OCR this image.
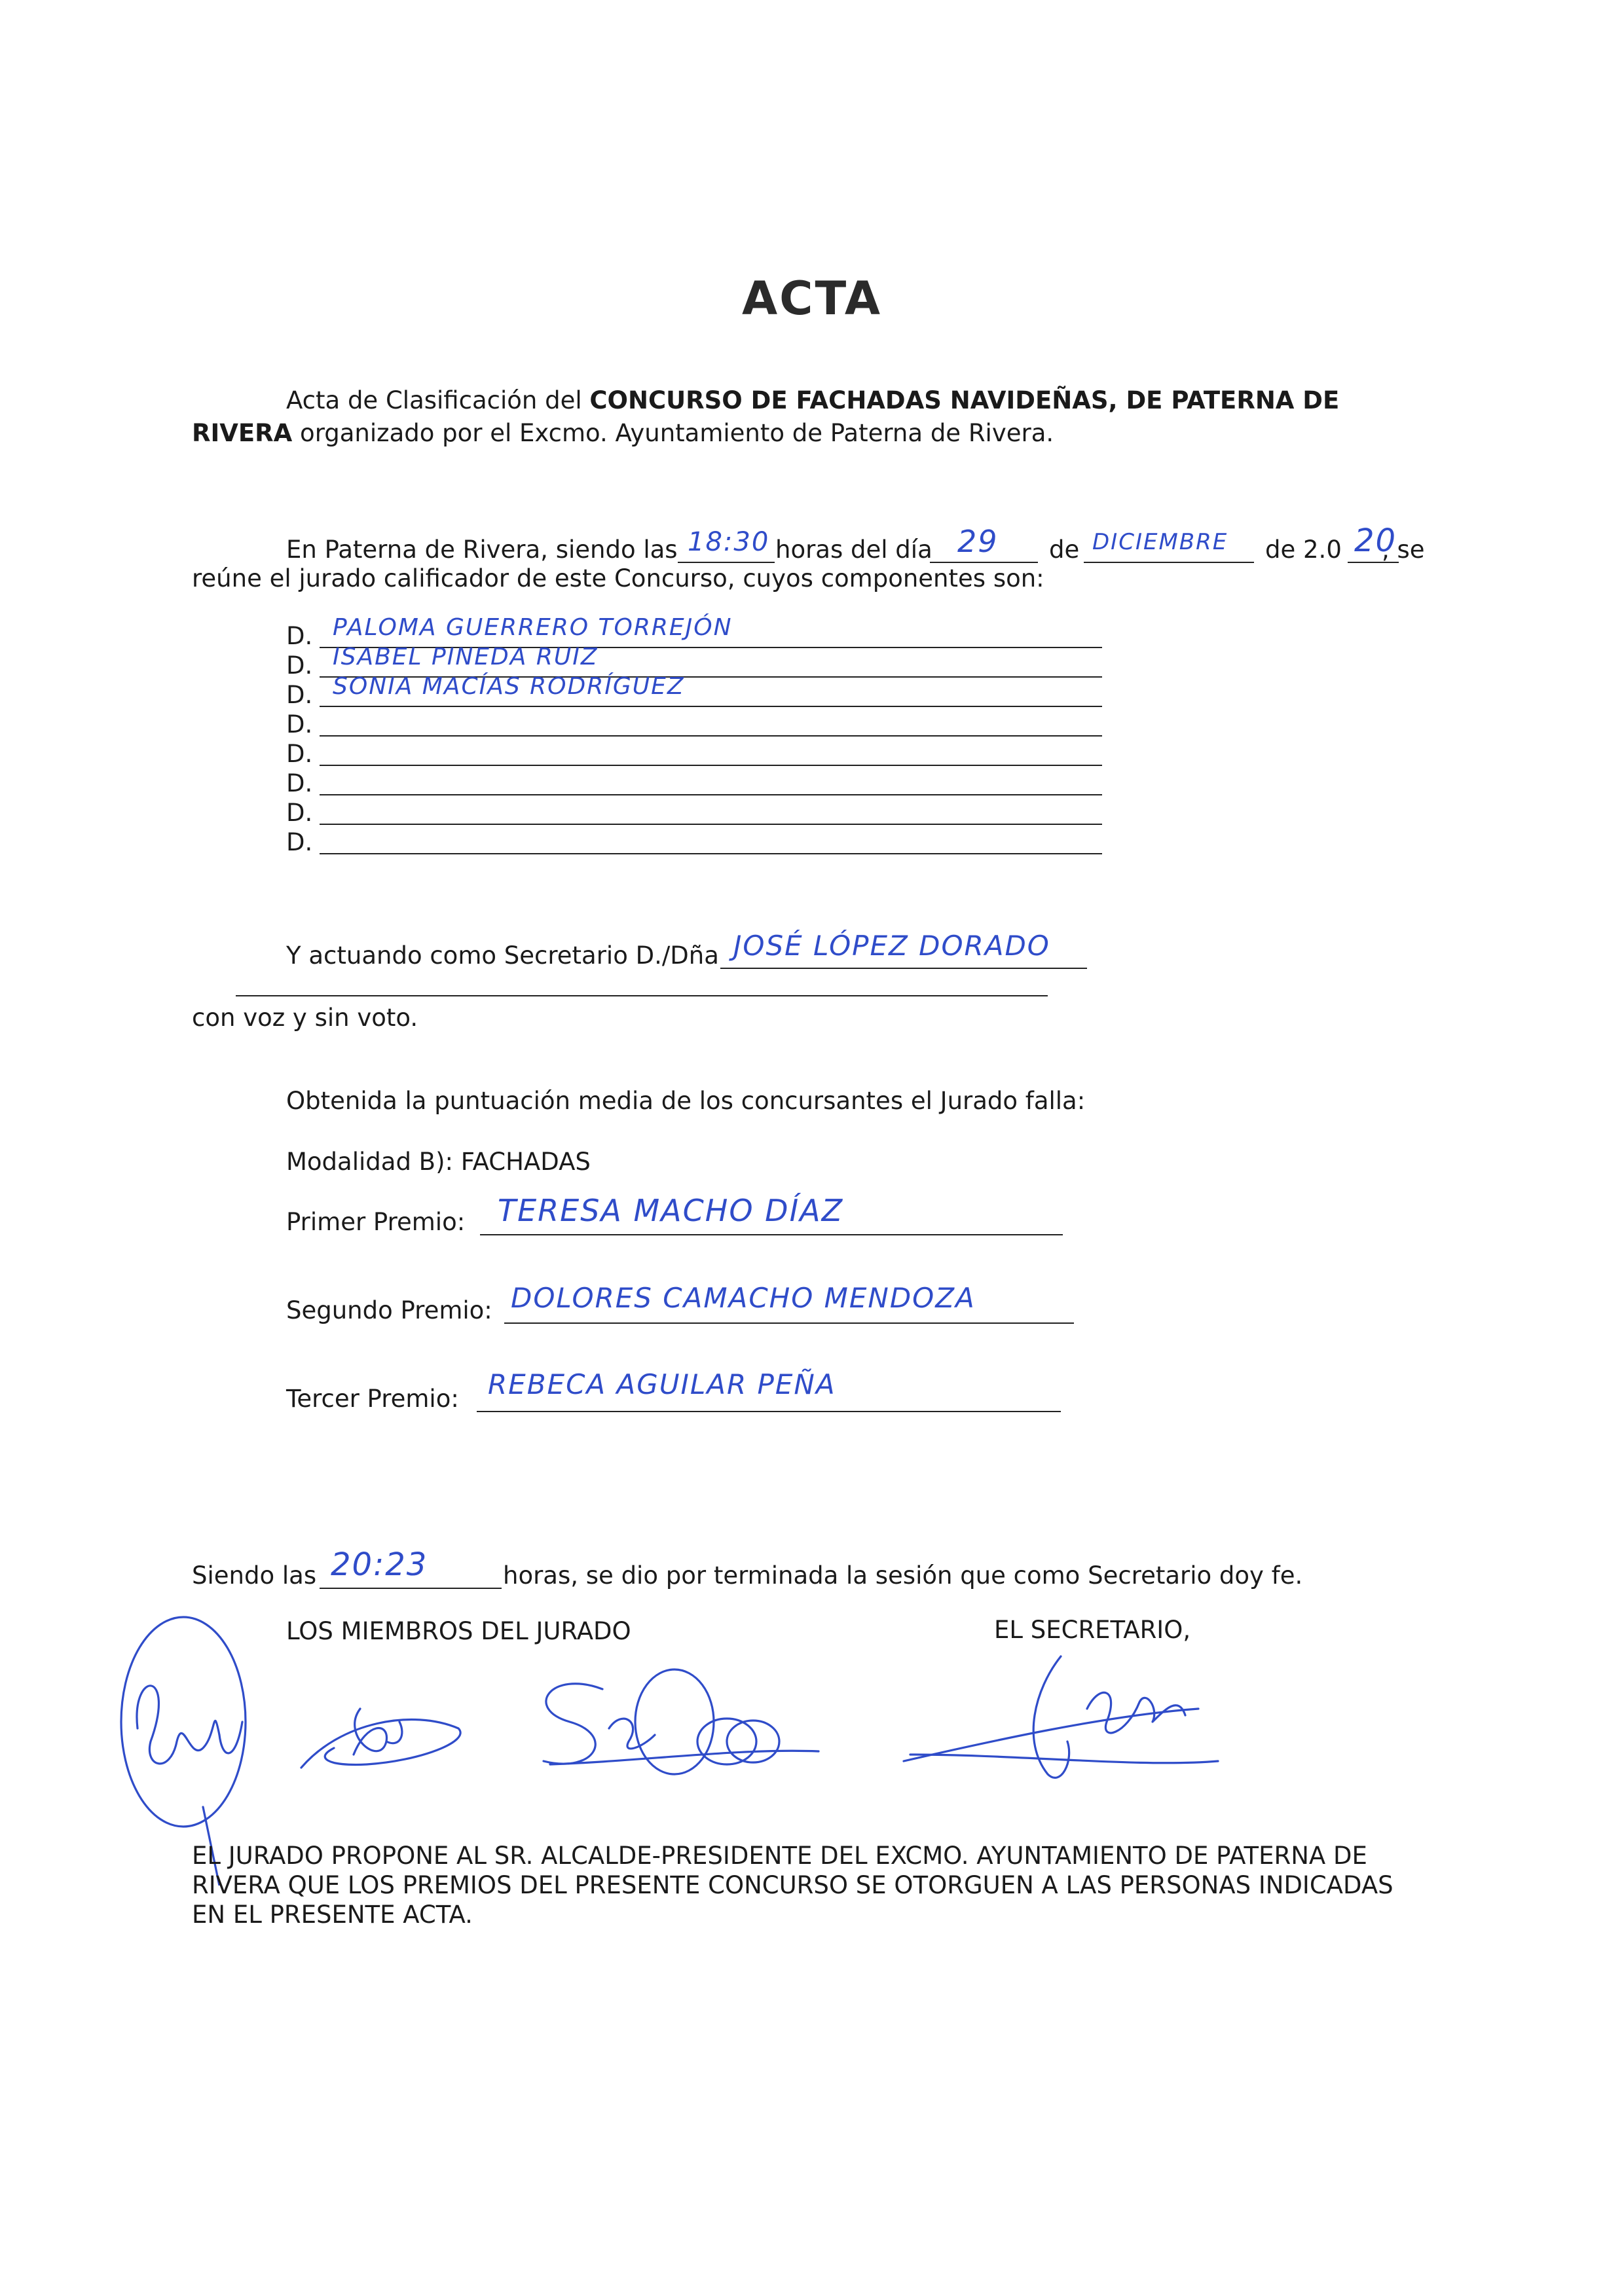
ACTA
Acta de Clasificación del CONCURSO DE FACHADAS NAVIDEÑAS, DE PATERNA DE
RIVERA organizado por el Excmo. Ayuntamiento de Paterna de Rivera.
En Paterna de Rivera, siendo las 18:30 horas del día 29 de DICIEMBRE de 2.0 20
, se
reúne el jurado calificador de este Concurso, cuyos componentes son:
D. PALOMA GUERRERO TORREJÓN
D. ISABEL PINEDA RUIZ
D. SONIA MACÍAS RODRÍGUEZ
D.
D.
D.
D.
D.
Y actuando como Secretario D./Dña JOSÉ LÓPEZ DORADO
con voz y sin voto.
Obtenida la puntuación media de los concursantes el Jurado falla:
Modalidad B): FACHADAS
Primer Premio: TERESA MACHO DÍAZ
Segundo Premio: DOLORES CAMACHO MENDOZA
Tercer Premio: REBECA AGUILAR PEÑA
Siendo las 20:23	horas, se dio por terminada la sesión que como Secretario doy fe.
LOS MIEMBROS DEL JURADO	EL SECRETARIO,
EL JURADO PROPONE AL SR. ALCALDE-PRESIDENTE DEL EXCMO. AYUNTAMIENTO DE PATERNA DE
RIVERA QUE LOS PREMIOS DEL PRESENTE CONCURSO SE OTORGUEN A LAS PERSONAS INDICADAS
EN EL PRESENTE ACTA.
